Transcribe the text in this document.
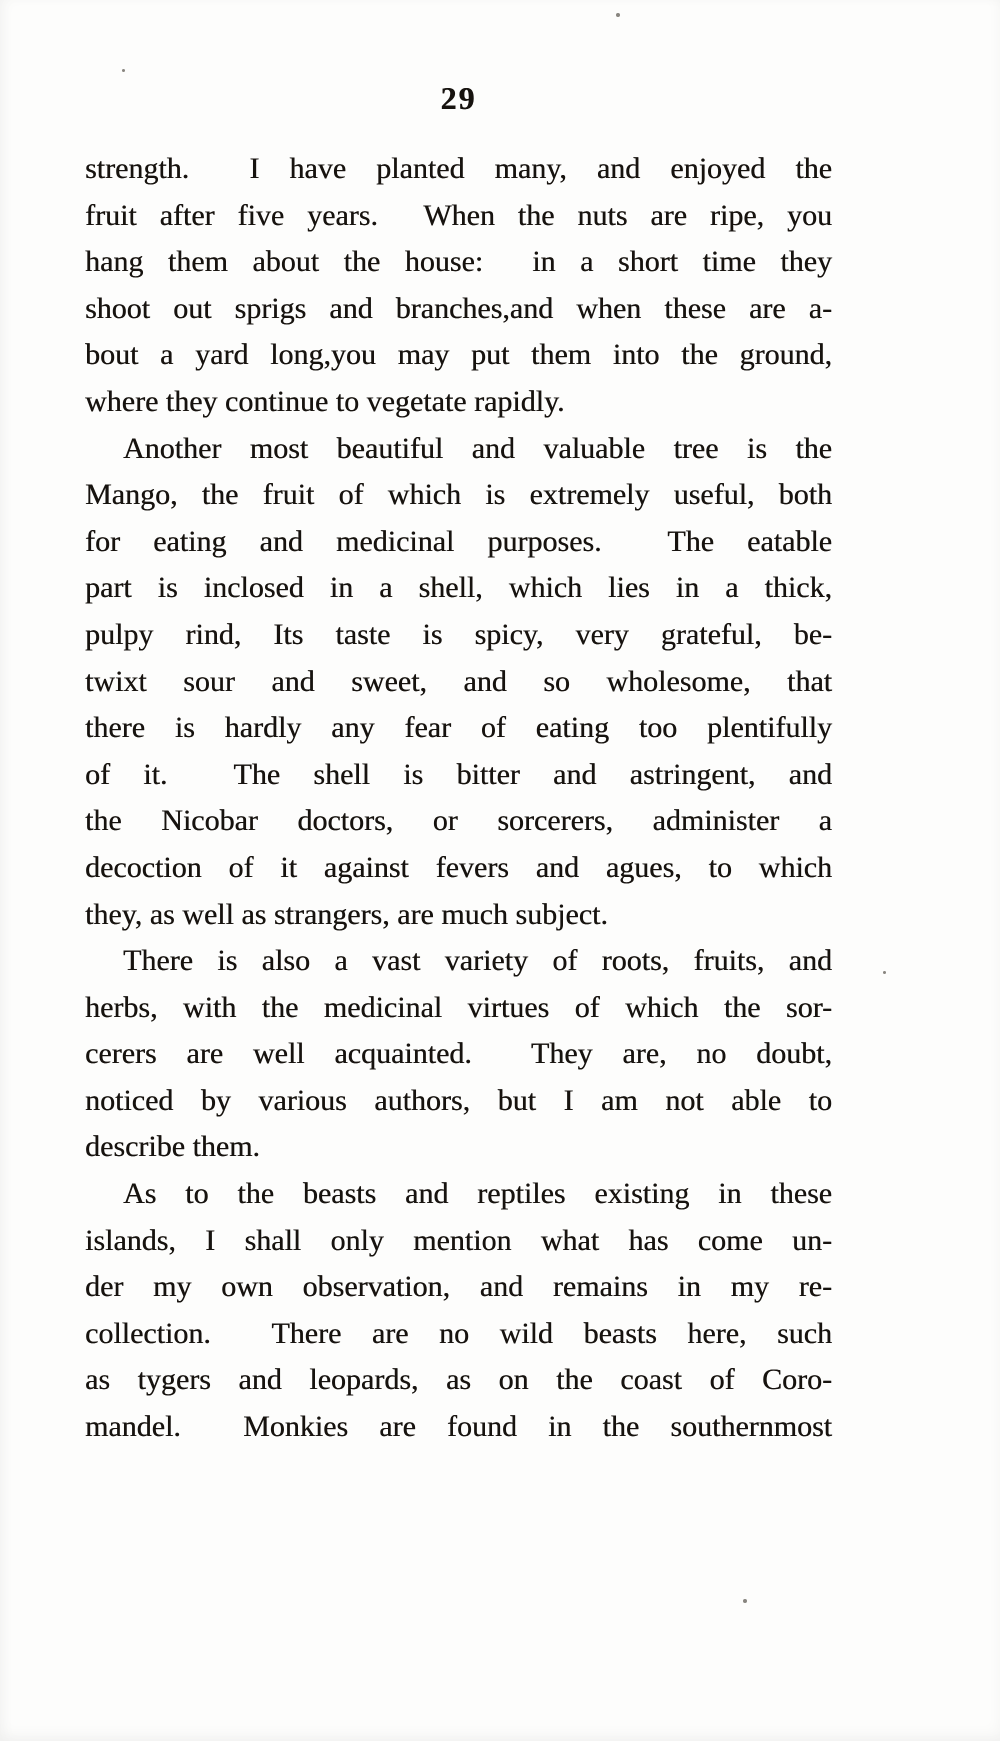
29
strength.  I have planted many, and enjoyed the
fruit after five years.  When the nuts are ripe, you
hang them about the house:  in a short time they
shoot out sprigs and branches,and when these are a-
bout a yard long,you may put them into the ground,
where they continue to vegetate rapidly.
Another most beautiful and valuable tree is the
Mango, the fruit of which is extremely useful, both
for eating and medicinal purposes.  The eatable
part is inclosed in a shell, which lies in a thick,
pulpy rind, Its taste is spicy, very grateful, be-
twixt sour and sweet, and so wholesome, that
there is hardly any fear of eating too plentifully
of it.  The shell is bitter and astringent, and
the Nicobar doctors, or sorcerers, administer a
decoction of it against fevers and agues, to which
they, as well as strangers, are much subject.
There is also a vast variety of roots, fruits, and
herbs, with the medicinal virtues of which the sor-
cerers are well acquainted.  They are, no doubt,
noticed by various authors, but I am not able to
describe them.
As to the beasts and reptiles existing in these
islands, I shall only mention what has come un-
der my own observation, and remains in my re-
collection.  There are no wild beasts here, such
as tygers and leopards, as on the coast of Coro-
mandel.  Monkies are found in the southernmost
